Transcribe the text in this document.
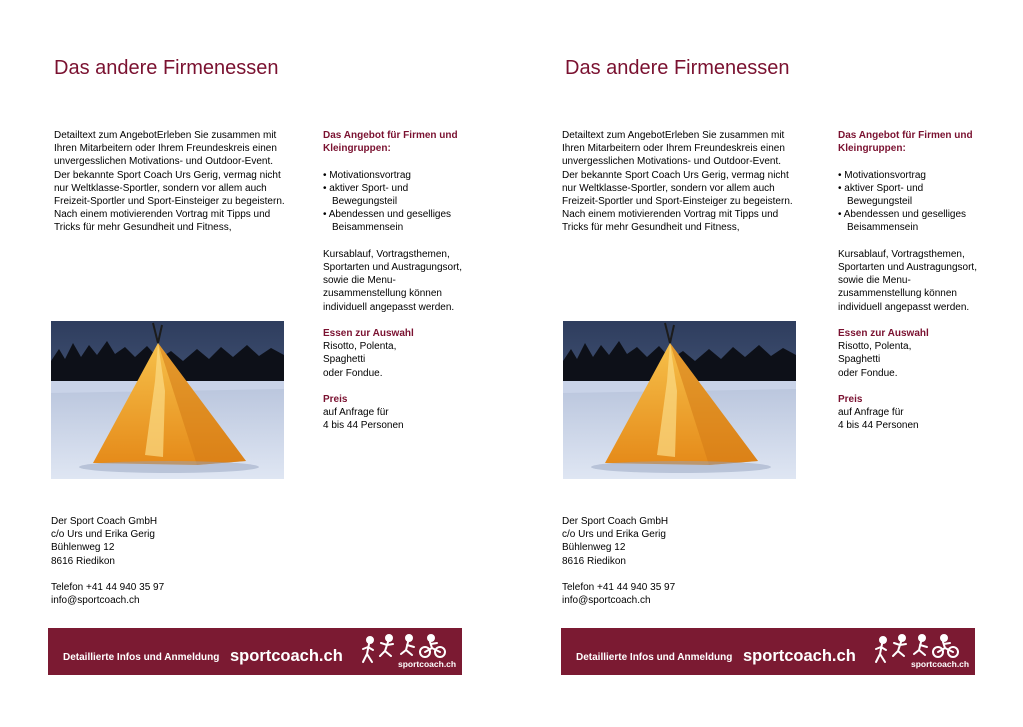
Das andere Firmenessen
Detailtext zum AngebotErleben Sie zusammen mit Ihren Mitarbeitern oder Ihrem Freundeskreis einen unvergesslichen Motivations- und Outdoor-Event. Der bekannte Sport Coach Urs Gerig, vermag nicht nur Weltklasse-Sportler, sondern vor allem auch Freizeit-Sportler und Sport-Einsteiger zu begeistern. Nach einem motivierenden Vortrag mit Tipps und Tricks für mehr Gesundheit und Fitness,
Das Angebot für Firmen und Kleingruppen:
• Motivationsvortrag
• aktiver Sport- und Bewegungsteil
• Abendessen und geselliges Beisammensein
Kursablauf, Vortragsthemen, Sportarten und Austragungsort, sowie die Menu-zusammenstellung können individuell angepasst werden.
Essen zur Auswahl
Risotto, Polenta,
Spaghetti
oder Fondue.
Preis
auf Anfrage für
4 bis 44 Personen
Der Sport Coach GmbH
c/o Urs und Erika Gerig
Bühlenweg 12
8616 Riedikon
Telefon +41 44 940 35 97
info@sportcoach.ch
Detaillierte Infos und Anmeldung sportcoach.ch	sportcoach.ch
Das andere Firmenessen
Detailtext zum AngebotErleben Sie zusammen mit Ihren Mitarbeitern oder Ihrem Freundeskreis einen unvergesslichen Motivations- und Outdoor-Event. Der bekannte Sport Coach Urs Gerig, vermag nicht nur Weltklasse-Sportler, sondern vor allem auch Freizeit-Sportler und Sport-Einsteiger zu begeistern. Nach einem motivierenden Vortrag mit Tipps und Tricks für mehr Gesundheit und Fitness,
Das Angebot für Firmen und Kleingruppen:
• Motivationsvortrag
• aktiver Sport- und Bewegungsteil
• Abendessen und geselliges Beisammensein
Kursablauf, Vortragsthemen, Sportarten und Austragungsort, sowie die Menu-zusammenstellung können individuell angepasst werden.
Essen zur Auswahl
Risotto, Polenta,
Spaghetti
oder Fondue.
Preis
auf Anfrage für
4 bis 44 Personen
Der Sport Coach GmbH
c/o Urs und Erika Gerig
Bühlenweg 12
8616 Riedikon
Telefon +41 44 940 35 97
info@sportcoach.ch
Detaillierte Infos und Anmeldung sportcoach.ch	sportcoach.ch
